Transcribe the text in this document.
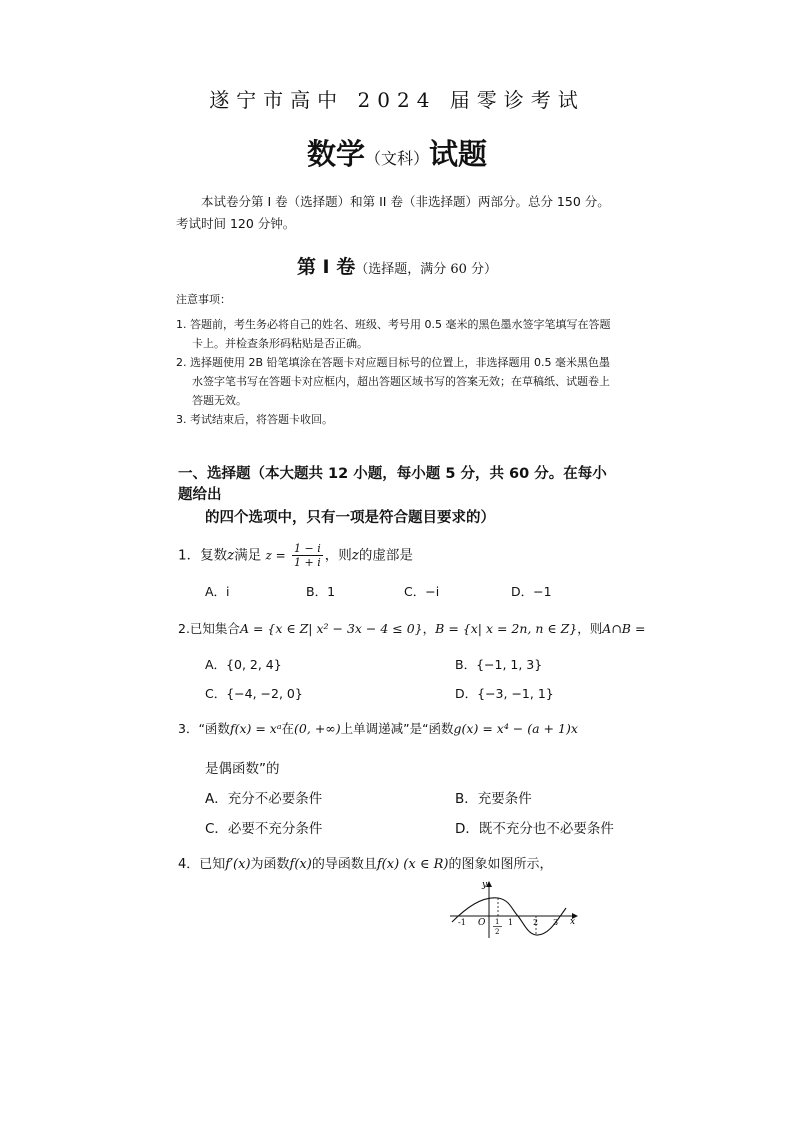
遂宁市高中 2024 届零诊考试
数学（文科）试题
本试卷分第 I 卷（选择题）和第 II 卷（非选择题）两部分。总分 150 分。考试时间 120 分钟。
第 Ⅰ 卷（选择题，满分 60 分）
注意事项：
1. 答题前，考生务必将自己的姓名、班级、考号用 0.5 毫米的黑色墨水签字笔填写在答题卡上。并检查条形码粘贴是否正确。
2. 选择题使用 2B 铅笔填涂在答题卡对应题目标号的位置上，非选择题用 0.5 毫米黑色墨水签字笔书写在答题卡对应框内，超出答题区域书写的答案无效；在草稿纸、试题卷上答题无效。
3. 考试结束后，将答题卡收回。
一、选择题（本大题共 12 小题，每小题 5 分，共 60 分。在每小题给出
的四个选项中，只有一项是符合题目要求的）
1．复数z满足 $z = \frac{1 - i}{1 + i}$ ，则z的虚部是
A．i	B．1	C．−i	D．−1
2.已知集合A = {x ∈ Z| x² − 3x − 4 ≤ 0}，B = {x| x = 2n, n ∈ Z}，则A∩B =
A．{0, 2, 4}	B．{−1, 1, 3}
C．{−4, −2, 0}	D．{−3, −1, 1}
3．“函数f(x) = xᵃ在(0, +∞)上单调递减”是“函数g(x) = x⁴ − (a + 1)x
是偶函数”的
A．充分不必要条件	B．充要条件
C．必要不充分条件	D．既不充分也不必要条件
4．已知f′(x)为函数f(x)的导函数且f(x) (x ∈ R)的图象如图所示，
y
x
O
-1	1 2 3
1
2
